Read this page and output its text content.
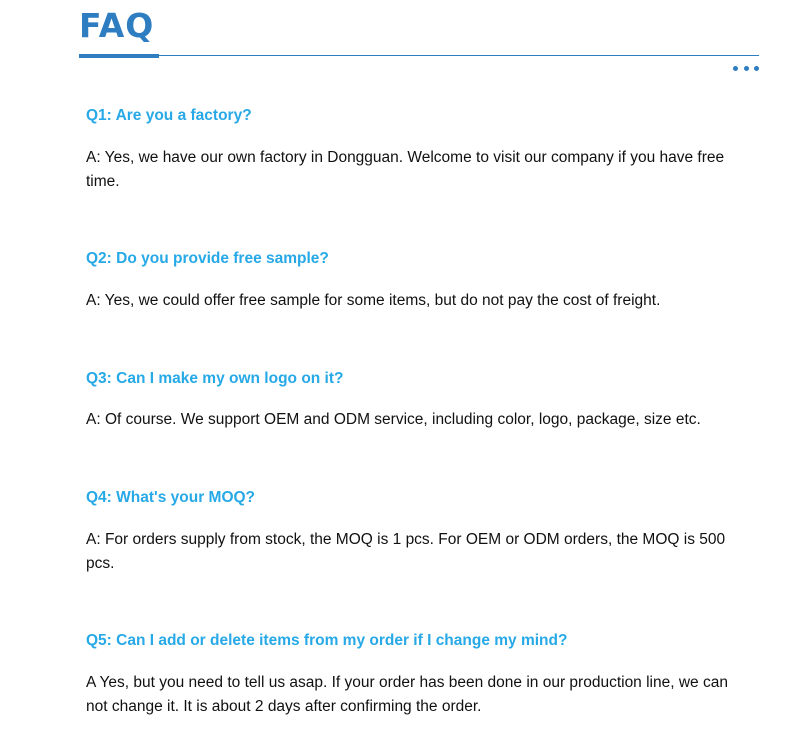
FAQ

Q1: Are you a factory?

A: Yes, we have our own factory in Dongguan. Welcome to visit our company if you have free time.

Q2: Do you provide free sample?

A: Yes, we could offer free sample for some items, but do not pay the cost of freight.

Q3: Can I make my own logo on it?

A: Of course. We support OEM and ODM service, including color, logo, package, size etc.

Q4: What's your MOQ?

A: For orders supply from stock, the MOQ is 1 pcs. For OEM or ODM orders, the MOQ is 500 pcs.

Q5: Can I add or delete items from my order if I change my mind?

A Yes, but you need to tell us asap. If your order has been done in our production line, we can not change it. It is about 2 days after confirming the order.
